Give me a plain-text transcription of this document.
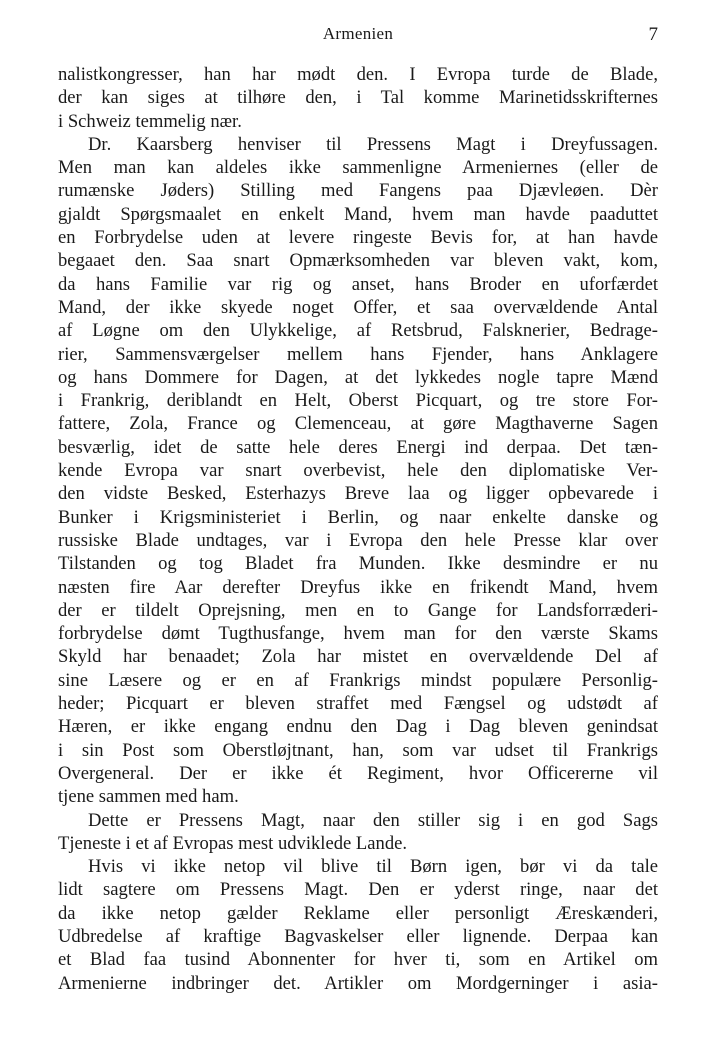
Armenien	7
nalistkongresser, han har mødt den. I Evropa turde de Blade,
der kan siges at tilhøre den, i Tal komme Marinetidsskrifternes
i Schweiz temmelig nær.
Dr. Kaarsberg henviser til Pressens Magt i Dreyfussagen.
Men man kan aldeles ikke sammenligne Armeniernes (eller de
rumænske Jøders) Stilling med Fangens paa Djævleøen. Dèr
gjaldt Spørgsmaalet en enkelt Mand, hvem man havde paaduttet
en Forbrydelse uden at levere ringeste Bevis for, at han havde
begaaet den. Saa snart Opmærksomheden var bleven vakt, kom,
da hans Familie var rig og anset, hans Broder en uforfærdet
Mand, der ikke skyede noget Offer, et saa overvældende Antal
af Løgne om den Ulykkelige, af Retsbrud, Falsknerier, Bedrage-
rier, Sammensværgelser mellem hans Fjender, hans Anklagere
og hans Dommere for Dagen, at det lykkedes nogle tapre Mænd
i Frankrig, deriblandt en Helt, Oberst Picquart, og tre store For-
fattere, Zola, France og Clemenceau, at gøre Magthaverne Sagen
besværlig, idet de satte hele deres Energi ind derpaa. Det tæn-
kende Evropa var snart overbevist, hele den diplomatiske Ver-
den vidste Besked, Esterhazys Breve laa og ligger opbevarede i
Bunker i Krigsministeriet i Berlin, og naar enkelte danske og
russiske Blade undtages, var i Evropa den hele Presse klar over
Tilstanden og tog Bladet fra Munden. Ikke desmindre er nu
næsten fire Aar derefter Dreyfus ikke en frikendt Mand, hvem
der er tildelt Oprejsning, men en to Gange for Landsforræderi-
forbrydelse dømt Tugthusfange, hvem man for den værste Skams
Skyld har benaadet; Zola har mistet en overvældende Del af
sine Læsere og er en af Frankrigs mindst populære Personlig-
heder; Picquart er bleven straffet med Fængsel og udstødt af
Hæren, er ikke engang endnu den Dag i Dag bleven genindsat
i sin Post som Oberstløjtnant, han, som var udset til Frankrigs
Overgeneral. Der er ikke ét Regiment, hvor Officererne vil
tjene sammen med ham.
Dette er Pressens Magt, naar den stiller sig i en god Sags
Tjeneste i et af Evropas mest udviklede Lande.
Hvis vi ikke netop vil blive til Børn igen, bør vi da tale
lidt sagtere om Pressens Magt. Den er yderst ringe, naar det
da ikke netop gælder Reklame eller personligt Æreskænderi,
Udbredelse af kraftige Bagvaskelser eller lignende. Derpaa kan
et Blad faa tusind Abonnenter for hver ti, som en Artikel om
Armenierne indbringer det. Artikler om Mordgerninger i asia-
